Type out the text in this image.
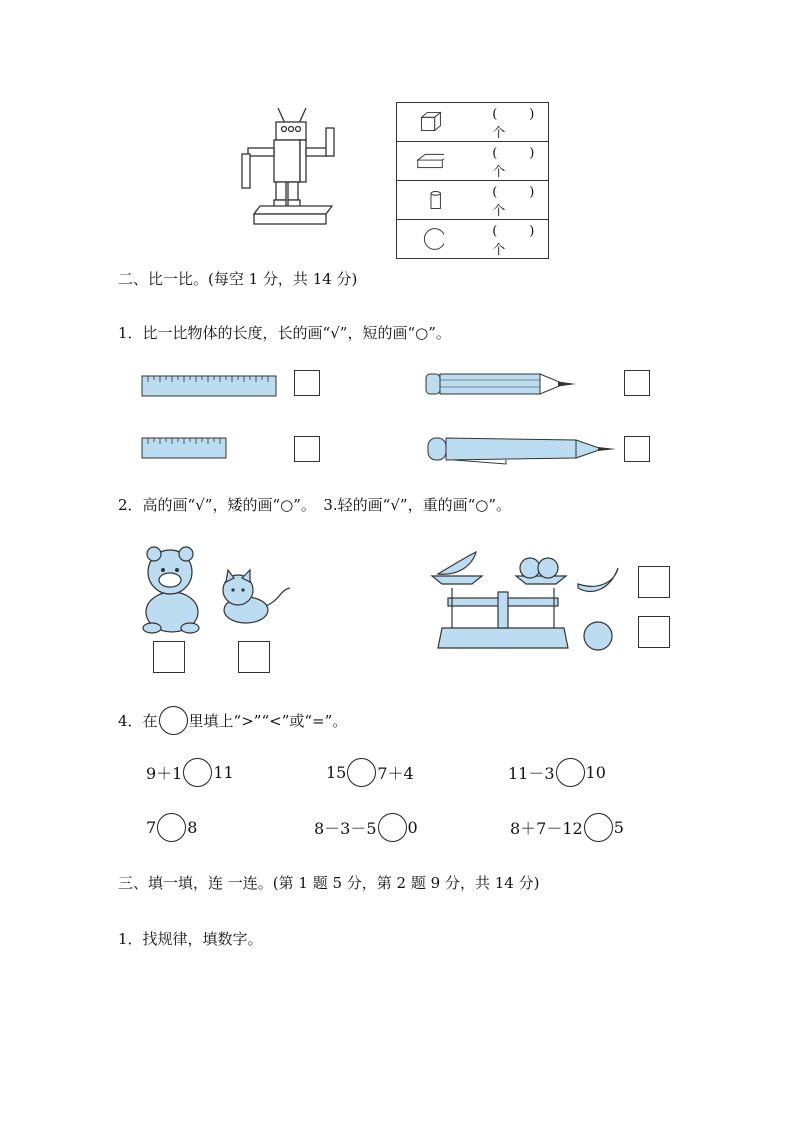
(　　)个

(　　)个

(　　)个

(　　)个
二、比一比。(每空 1 分，共 14 分)
1．比一比物体的长度，长的画“√”，短的画“○”。
2．高的画“√”，矮的画“○”。　3.轻的画“√”，重的画“○”。
4．在 里填上“>”“<”或“=”。
9＋1 11	15 7＋4	11－3 10
7 8	8－3－5 0	8＋7－12 5
三、填一填，连 一连。(第 1 题 5 分，第 2 题 9 分，共 14 分)
1．找规律，填数字。
